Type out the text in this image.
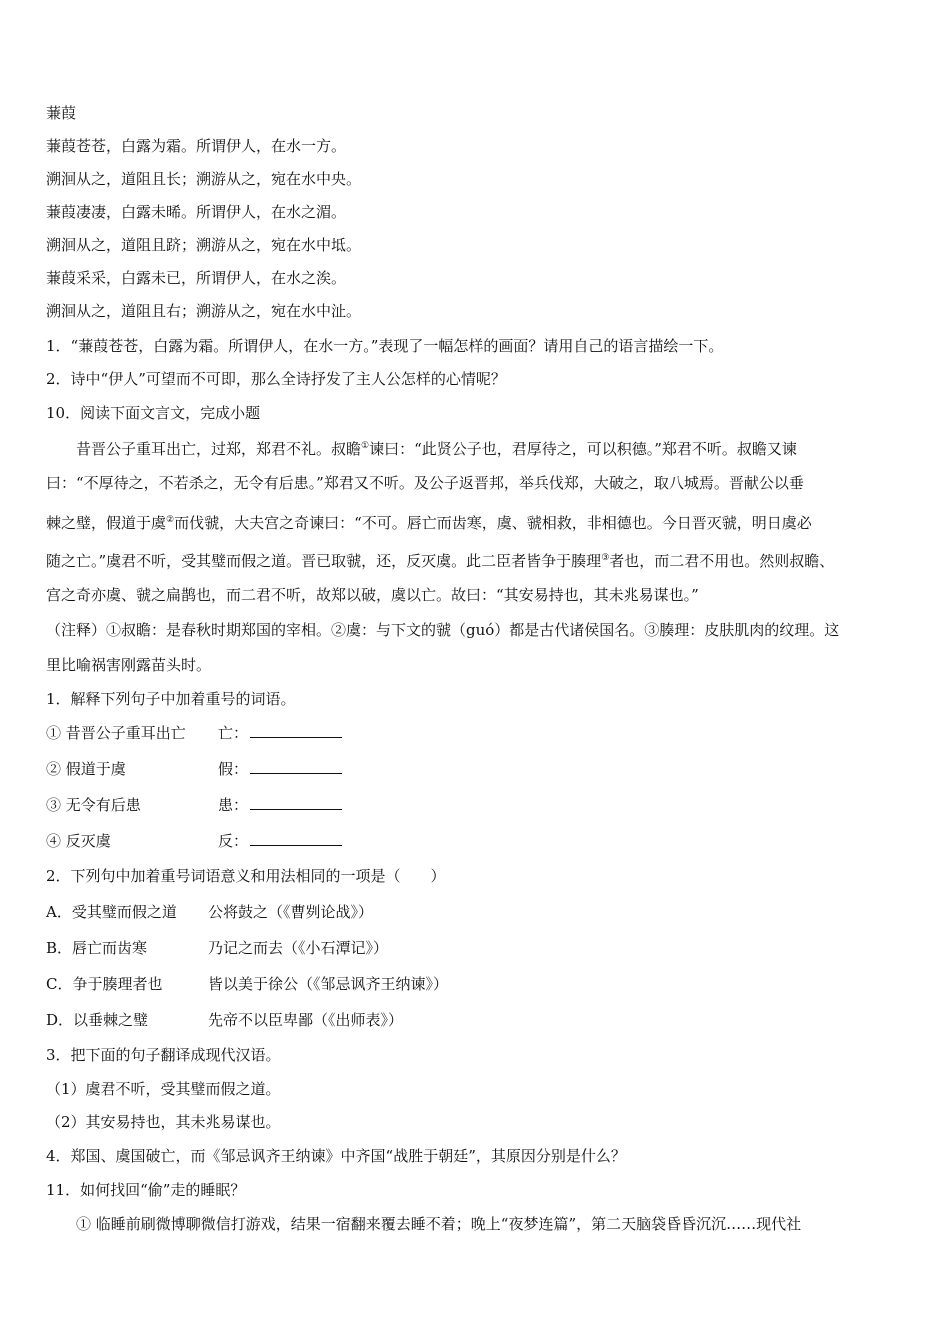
蒹葭
蒹葭苍苍，白露为霜。所谓伊人，在水一方。
溯洄从之，道阻且长；溯游从之，宛在水中央。
蒹葭凄凄，白露未晞。所谓伊人，在水之湄。
溯洄从之，道阻且跻；溯游从之，宛在水中坻。
蒹葭采采，白露未已，所谓伊人，在水之涘。
溯洄从之，道阻且右；溯游从之，宛在水中沚。
1．“蒹葭苍苍，白露为霜。所谓伊人，在水一方。”表现了一幅怎样的画面？请用自己的语言描绘一下。
2．诗中“伊人”可望而不可即，那么全诗抒发了主人公怎样的心情呢？
10．阅读下面文言文，完成小题
昔晋公子重耳出亡，过郑，郑君不礼。叔瞻①谏曰：“此贤公子也，君厚待之，可以积德。”郑君不听。叔瞻又谏
曰：“不厚待之，不若杀之，无令有后患。”郑君又不听。及公子返晋邦，举兵伐郑，大破之，取八城焉。晋献公以垂
棘之璧，假道于虞②而伐虢，大夫宫之奇谏曰：“不可。唇亡而齿寒，虞、虢相救，非相德也。今日晋灭虢，明日虞必
随之亡。”虞君不听，受其璧而假之道。晋已取虢，还，反灭虞。此二臣者皆争于腠理③者也，而二君不用也。然则叔瞻、
宫之奇亦虞、虢之扁鹊也，而二君不听，故郑以破，虞以亡。故曰：“其安易持也，其未兆易谋也。”
（注释）①叔瞻：是春秋时期郑国的宰相。②虞：与下文的虢（guó）都是古代诸侯国名。③腠理：皮肤肌肉的纹理。这
里比喻祸害刚露苗头时。
1．解释下列句子中加着重号的词语。
① 昔晋公子重耳出亡 亡：
② 假道于虞	假：
③ 无令有后患	患：
④ 反灭虞	反：
2．下列句中加着重号词语意义和用法相同的一项是（　　）
A．受其璧而假之道 公将鼓之（《曹刿论战》）
B．唇亡而齿寒	乃记之而去（《小石潭记》）
C．争于腠理者也	皆以美于徐公（《邹忌讽齐王纳谏》）
D．以垂棘之璧	先帝不以臣卑鄙（《出师表》）
3．把下面的句子翻译成现代汉语。
（1）虞君不听，受其璧而假之道。
（2）其安易持也，其未兆易谋也。
4．郑国、虞国破亡，而《邹忌讽齐王纳谏》中齐国“战胜于朝廷”，其原因分别是什么？
11．如何找回“偷”走的睡眠？
① 临睡前刷微博聊微信打游戏，结果一宿翻来覆去睡不着；晚上“夜梦连篇”，第二天脑袋昏昏沉沉……现代社
